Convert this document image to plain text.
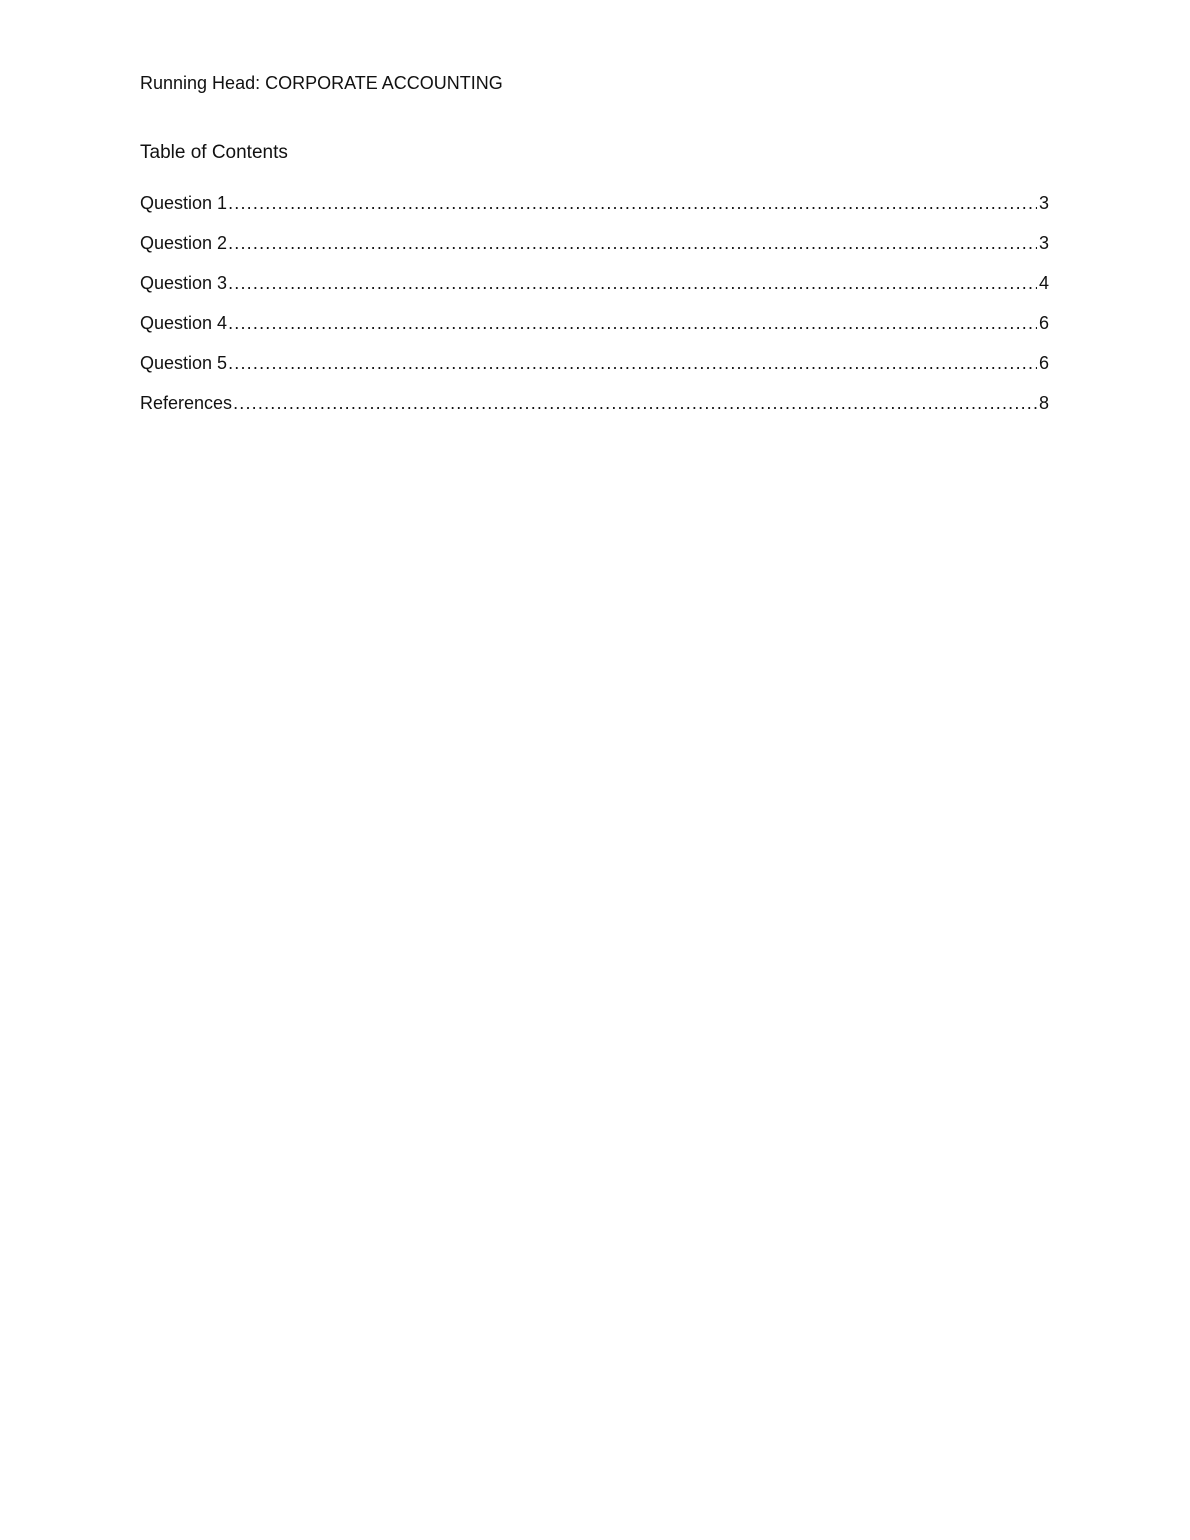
Running Head: CORPORATE ACCOUNTING
Table of Contents
Question 1 .....	3
Question 2 .....	3
Question 3 .....	4
Question 4 .....	6
Question 5 .....	6
References .....	8
